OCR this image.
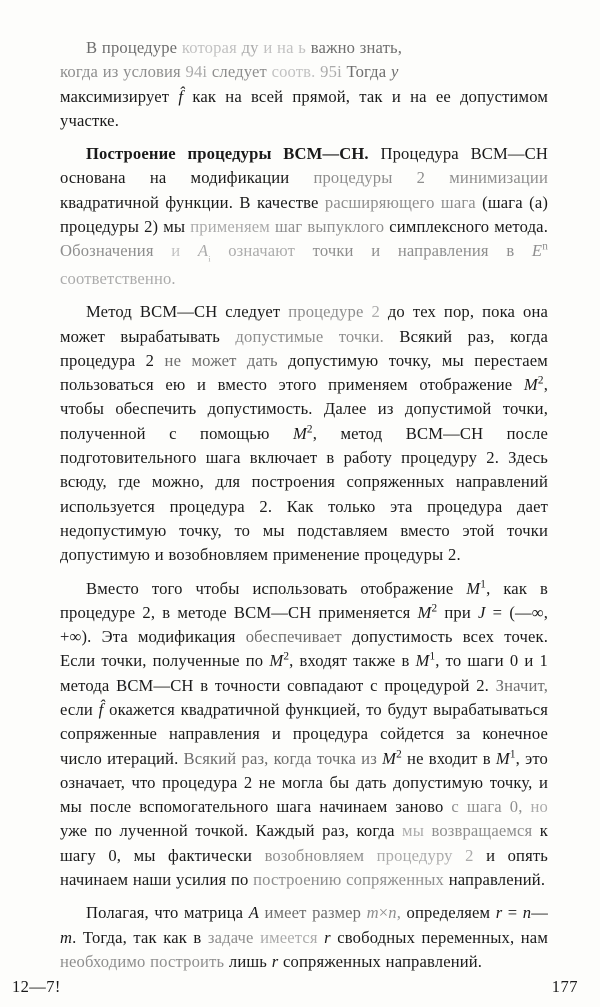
В процедуре которая ду и на ь важно знать,
когда из условия 94і следует соотв. 95і Тогда y
максимизирует f̂ как на всей прямой, так и на ее допустимом участке.

Построение процедуры ВСМ—СН. Процедура ВСМ—СН основана на модификации процедуры 2 минимизации квадратичной функции. В качестве расширяющего шага (шага (а) процедуры 2) мы применяем шаг выпуклого симплексного метода. Обозначения и $A_ᵢ$ означают точки и направления в $E^n$ соответственно.

Метод ВСМ—СН следует процедуре 2 до тех пор, пока она может вырабатывать допустимые точки. Всякий раз, когда процедура 2 не может дать допустимую точку, мы перестаем пользоваться ею и вместо этого применяем отображение $M^2$, чтобы обеспечить допустимость. Далее из допустимой точки, полученной с помощью $M^2$, метод ВСМ—СН после подготовительного шага включает в работу процедуру 2. Здесь всюду, где можно, для построения сопряженных направлений используется процедура 2. Как только эта процедура дает недопустимую точку, то мы подставляем вместо этой точки допустимую и возобновляем применение процедуры 2.

Вместо того чтобы использовать отображение $M^1$, как в процедуре 2, в методе ВСМ—СН применяется $M^2$ при J = (—∞, +∞). Эта модификация обеспечивает допустимость всех точек. Если точки, полученные по $M^2$, входят также в $M^1$, то шаги 0 и 1 метода ВСМ—СН в точности совпадают с процедурой 2. Значит, если f̂ окажется квадратичной функцией, то будут вырабатываться сопряженные направления и процедура сойдется за конечное число итераций. Всякий раз, когда точка из $M^2$ не входит в $M^1$, это означает, что процедура 2 не могла бы дать допустимую точку, и мы после вспомогательного шага начинаем заново с шага 0, но уже по лученной точкой. Каждый раз, когда мы возвращаемся к шагу 0, мы фактически возобновляем процедуру 2 и опять начинаем наши усилия по построению сопряженных направлений.

Полагая, что матрица A имеет размер m×n, определяем r = n—m. Тогда, так как в задаче имеется r свободных переменных, нам необходимо построить лишь r сопряженных направлений.

12—7!	177
